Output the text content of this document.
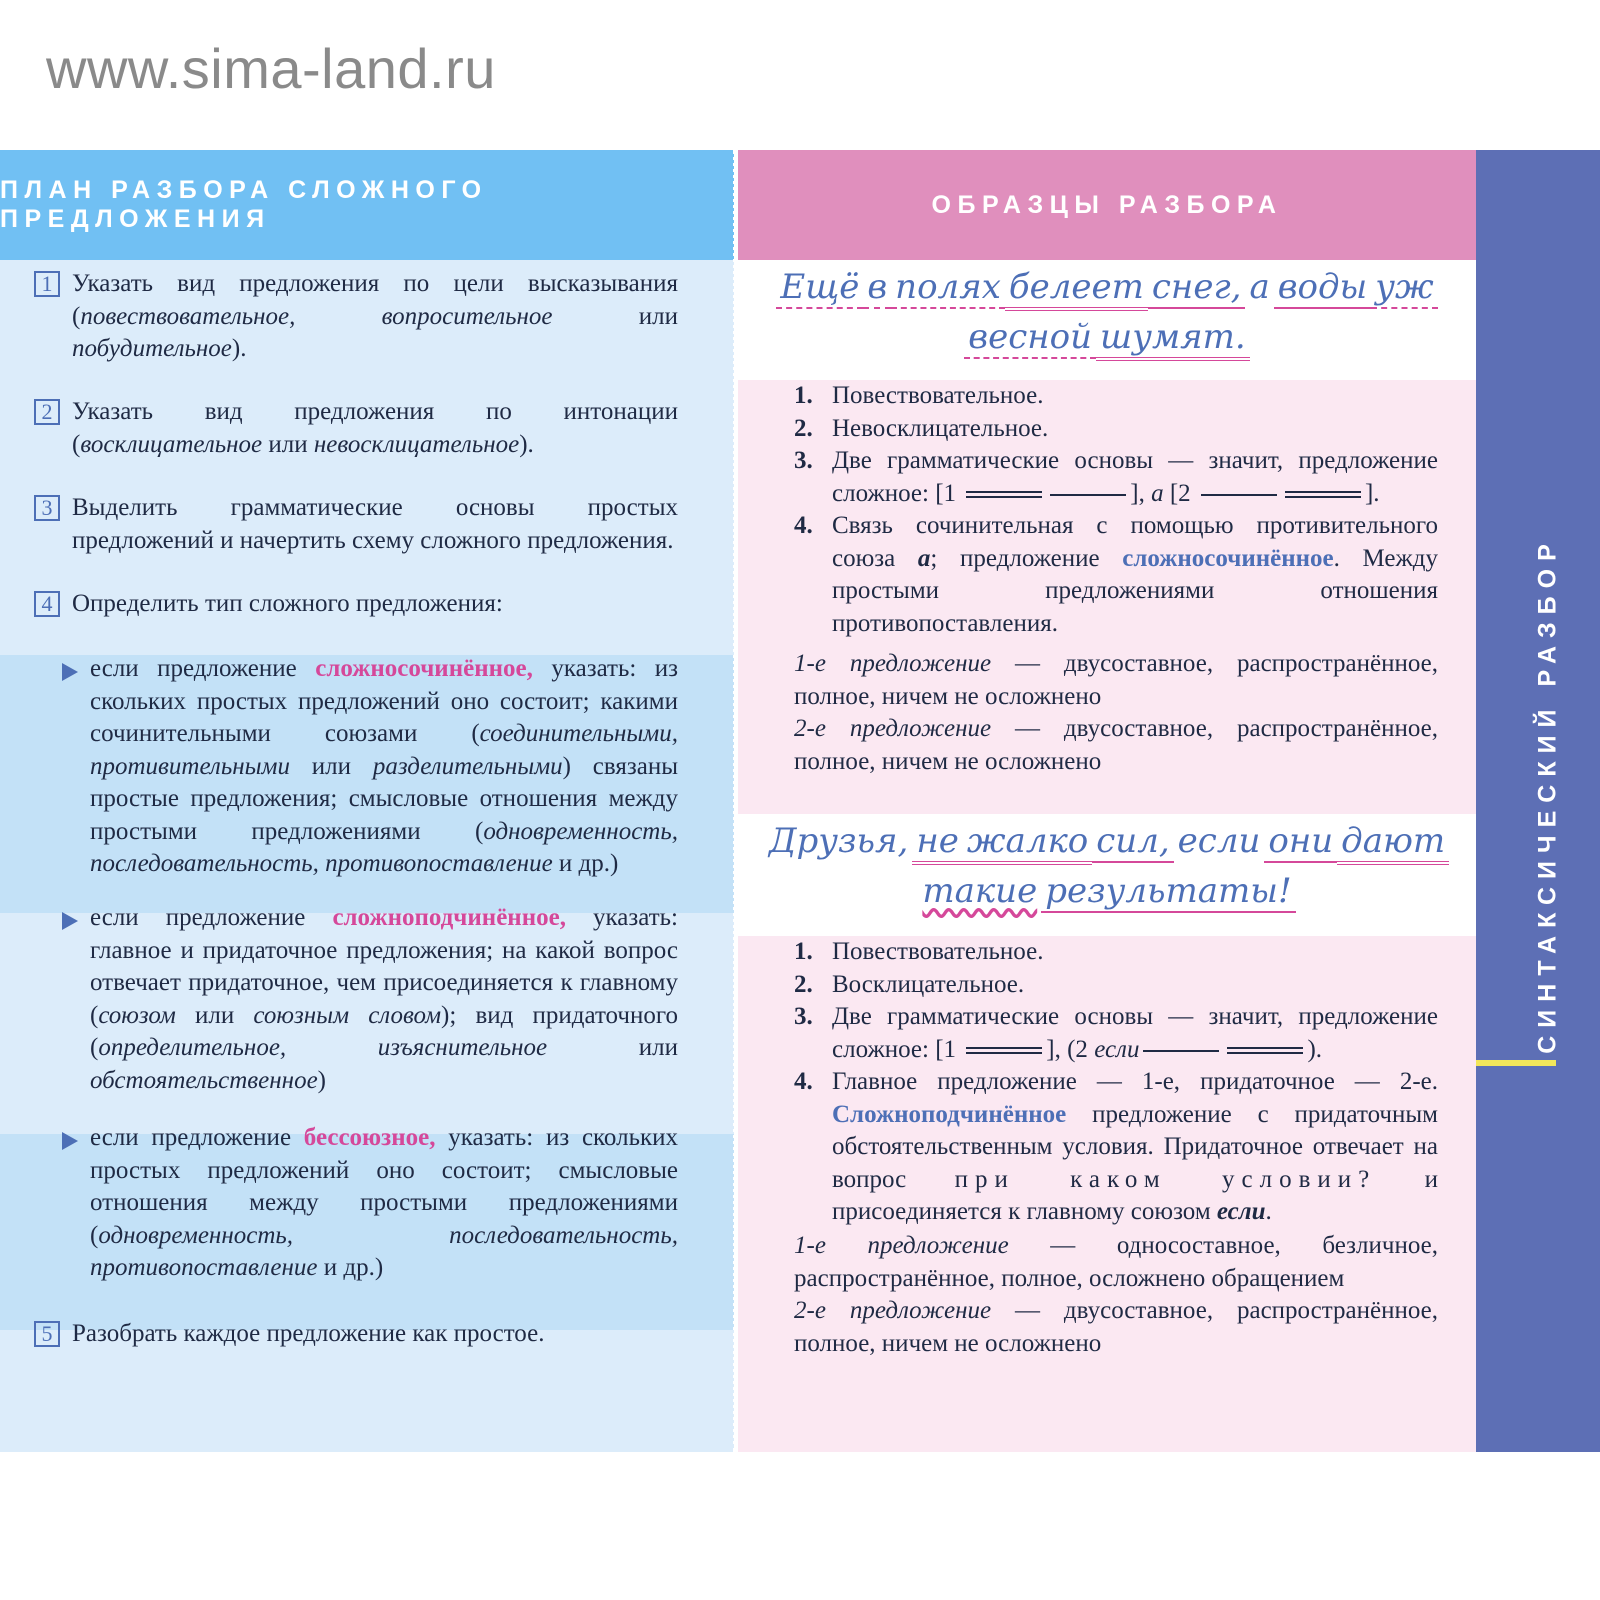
www.sima-land.ru
ПЛАН РАЗБОРА СЛОЖНОГО ПРЕДЛОЖЕНИЯ
1 Указать вид предложения по цели высказывания (повествовательное, вопросительное или побудительное).
2 Указать вид предложения по интонации (восклицательное или невосклицательное).
3 Выделить грамматические основы простых предложений и начертить схему сложного предложения.
4 Определить тип сложного предложения:
если предложение сложносочинённое, указать: из скольких простых предложений оно состоит; какими сочинительными союзами (соединительными, противительными или разделительными) связаны простые предложения; смысловые отношения между простыми предложениями (одновременность, последовательность, противопоставление и др.)
если предложение сложноподчинённое, указать: главное и придаточное предложения; на какой вопрос отвечает придаточное, чем присоединяется к главному (союзом или союзным словом); вид придаточного (определительное, изъяснительное или обстоятельственное)
если предложение бессоюзное, указать: из скольких простых предложений оно состоит; смысловые отношения между простыми предложениями (одновременность, последовательность, противопоставление и др.)
5 Разобрать каждое предложение как простое.
ОБРАЗЦЫ РАЗБОРА
Ещё в полях белеет снег, а воды уж
весной шумят.
1. Повествовательное.
2. Невосклицательное.
3. Две грамматические основы — значит, предложение сложное: [1	], а [2	].
4. Связь сочинительная с помощью противительного союза а; предложение сложносочинённое. Между простыми предложениями отношения противопоставления.
1-е предложение — двусоставное, распространённое, полное, ничем не осложнено
2-е предложение — двусоставное, распространённое, полное, ничем не осложнено
Друзья, не жалко сил, если они дают
такие результаты!
1. Повествовательное.
2. Восклицательное.
3. Две грамматические основы — значит, предложение сложное: [1	], (2 если	).
4. Главное предложение — 1-е, придаточное — 2-е. Сложноподчинённое предложение с придаточным обстоятельственным условия. Придаточное отвечает на вопрос при каком условии? и присоединяется к главному союзом если.
1-е предложение — односоставное, безличное, распространённое, полное, осложнено обращением
2-е предложение — двусоставное, распространённое, полное, ничем не осложнено
СИНТАКСИЧЕСКИЙ РАЗБОР
